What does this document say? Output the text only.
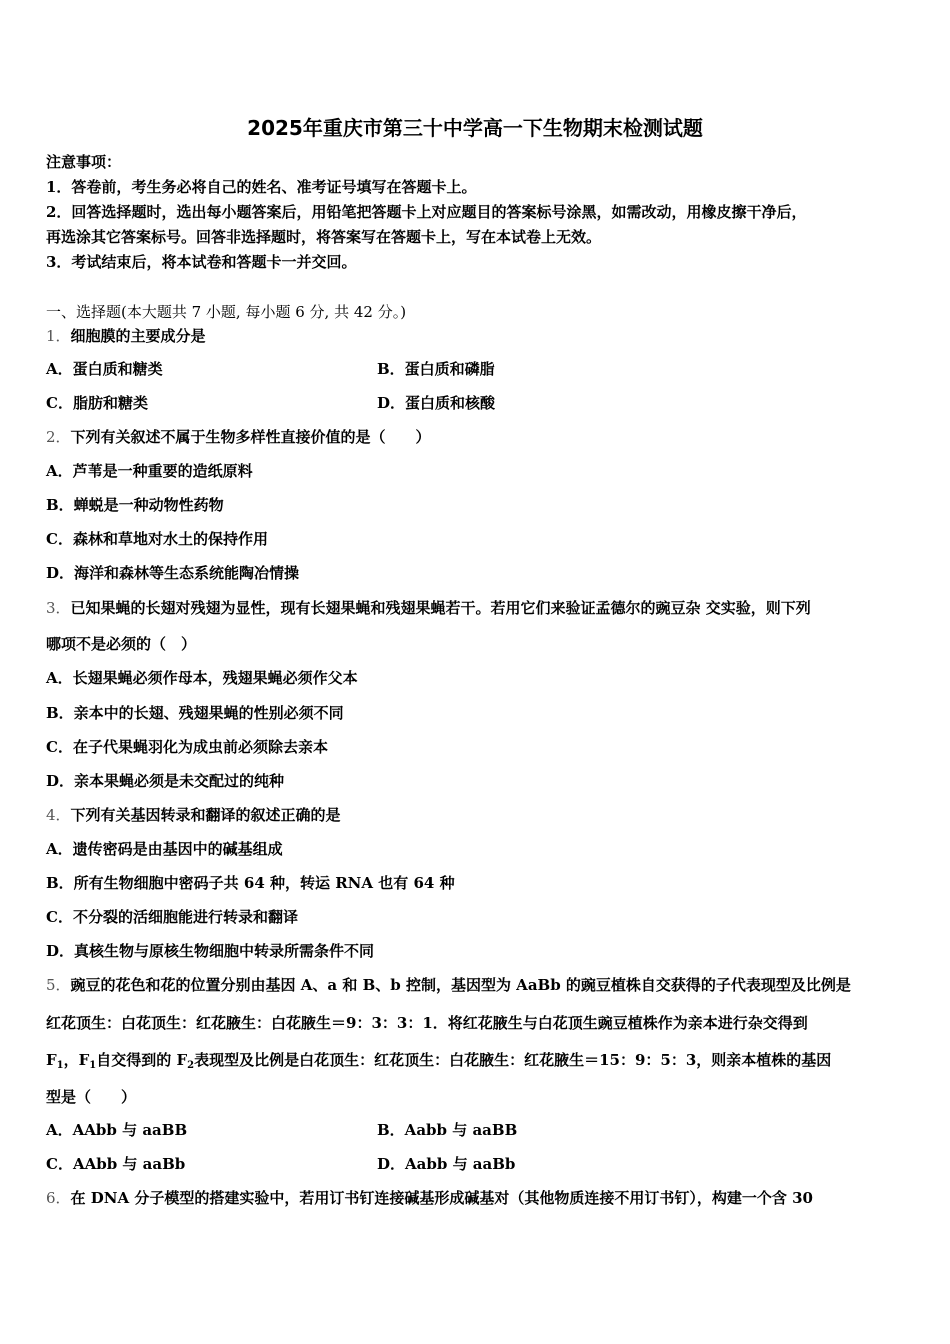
2025年重庆市第三十中学高一下生物期末检测试题
注意事项：
1．答卷前，考生务必将自己的姓名、准考证号填写在答题卡上。
2．回答选择题时，选出每小题答案后，用铅笔把答题卡上对应题目的答案标号涂黑，如需改动，用橡皮擦干净后，
再选涂其它答案标号。回答非选择题时，将答案写在答题卡上，写在本试卷上无效。
3．考试结束后，将本试卷和答题卡一并交回。
一、选择题(本大题共 7 小题, 每小题 6 分, 共 42 分。)
1．细胞膜的主要成分是
A．蛋白质和糖类	B．蛋白质和磷脂
C．脂肪和糖类	D．蛋白质和核酸
2．下列有关叙述不属于生物多样性直接价值的是（　　）
A．芦苇是一种重要的造纸原料
B．蝉蜕是一种动物性药物
C．森林和草地对水土的保持作用
D．海洋和森林等生态系统能陶冶情操
3．已知果蝇的长翅对残翅为显性，现有长翅果蝇和残翅果蝇若干。若用它们来验证孟德尔的豌豆杂 交实验，则下列
哪项不是必须的（　）
A．长翅果蝇必须作母本，残翅果蝇必须作父本
B．亲本中的长翅、残翅果蝇的性别必须不同
C．在子代果蝇羽化为成虫前必须除去亲本
D．亲本果蝇必须是未交配过的纯种
4．下列有关基因转录和翻译的叙述正确的是
A．遗传密码是由基因中的碱基组成
B．所有生物细胞中密码子共 64 种，转运 RNA 也有 64 种
C．不分裂的活细胞能进行转录和翻译
D．真核生物与原核生物细胞中转录所需条件不同
5．豌豆的花色和花的位置分别由基因 A、a 和 B、b 控制，基因型为 AaBb 的豌豆植株自交获得的子代表现型及比例是
红花顶生：白花顶生：红花腋生：白花腋生＝9：3：3：1．将红花腋生与白花顶生豌豆植株作为亲本进行杂交得到
$F_1$，$F_1$自交得到的 $F_2$表现型及比例是白花顶生：红花顶生：白花腋生：红花腋生＝15：9：5：3，则亲本植株的基因
型是（　　）
A．AAbb 与 aaBB	B．Aabb 与 aaBB
C．AAbb 与 aaBb	D．Aabb 与 aaBb
6．在 DNA 分子模型的搭建实验中，若用订书钉连接碱基形成碱基对（其他物质连接不用订书钉），构建一个含 30
